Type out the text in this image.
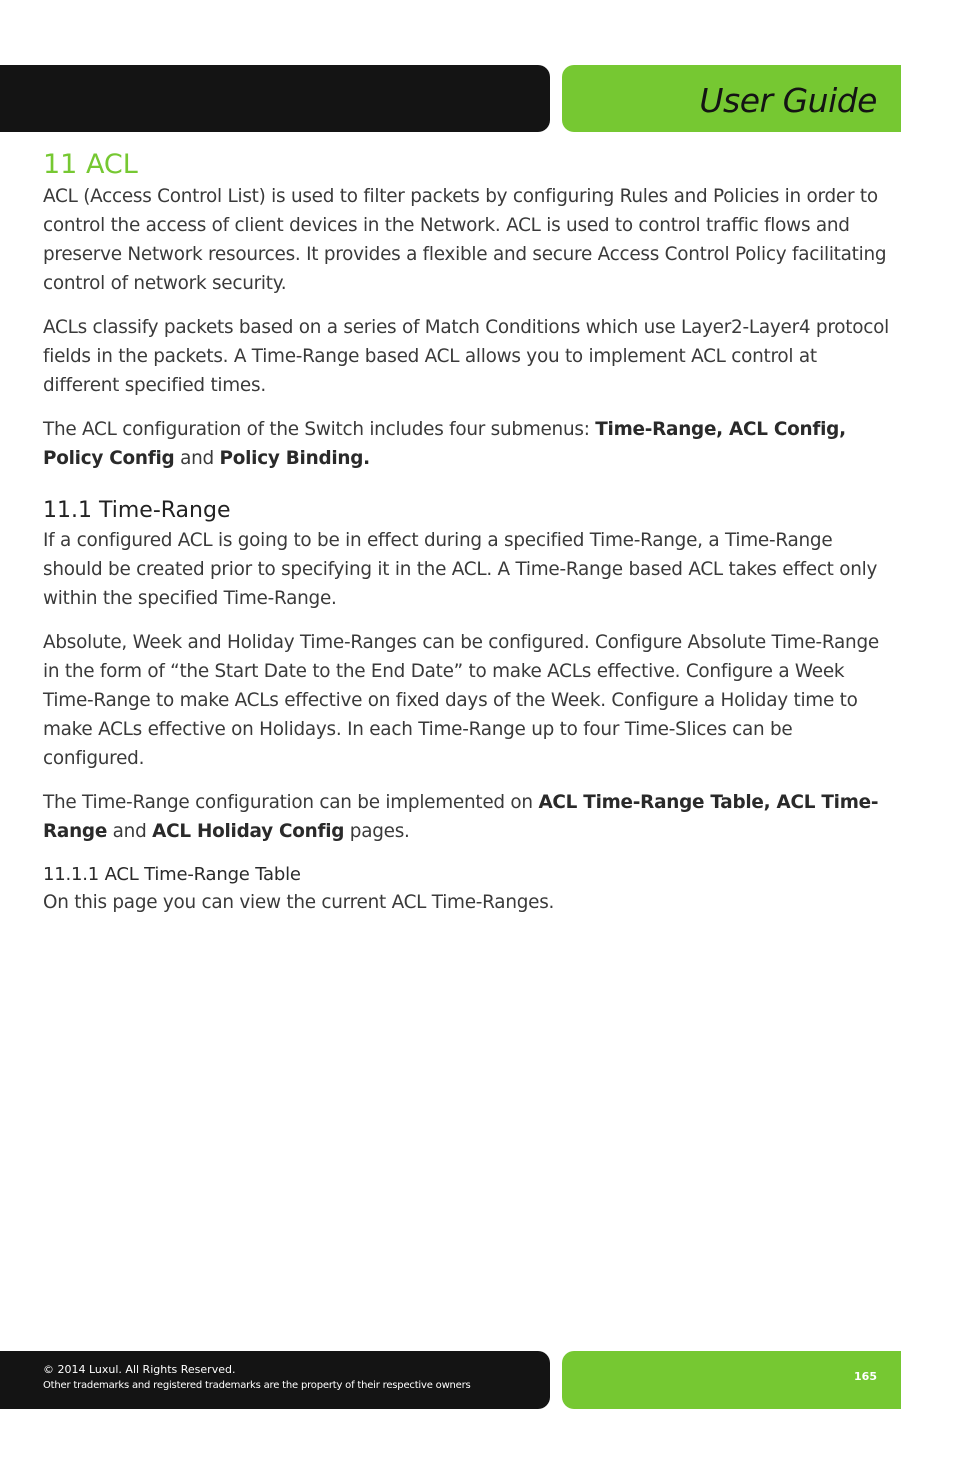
User Guide
11 ACL

ACL (Access Control List) is used to filter packets by configuring Rules and Policies in order to control the access of client devices in the Network. ACL is used to control traffic flows and preserve Network resources. It provides a flexible and secure Access Control Policy facilitating control of network security.

ACLs classify packets based on a series of Match Conditions which use Layer2-Layer4 protocol fields in the packets. A Time-Range based ACL allows you to implement ACL control at different specified times.

The ACL configuration of the Switch includes four submenus: Time-Range, ACL Config, Policy Config and Policy Binding.

11.1 Time-Range

If a configured ACL is going to be in effect during a specified Time-Range, a Time-Range should be created prior to specifying it in the ACL. A Time-Range based ACL takes effect only within the specified Time-Range.

Absolute, Week and Holiday Time-Ranges can be configured. Configure Absolute Time-Range in the form of “the Start Date to the End Date” to make ACLs effective. Configure a Week Time-Range to make ACLs effective on fixed days of the Week. Configure a Holiday time to make ACLs effective on Holidays. In each Time-Range up to four Time-Slices can be configured.

The Time-Range configuration can be implemented on ACL Time-Range Table, ACL Time-Range and ACL Holiday Config pages.

11.1.1 ACL Time-Range Table

On this page you can view the current ACL Time-Ranges.

© 2014 Luxul. All Rights Reserved.
Other trademarks and registered trademarks are the property of their respective owners
165
